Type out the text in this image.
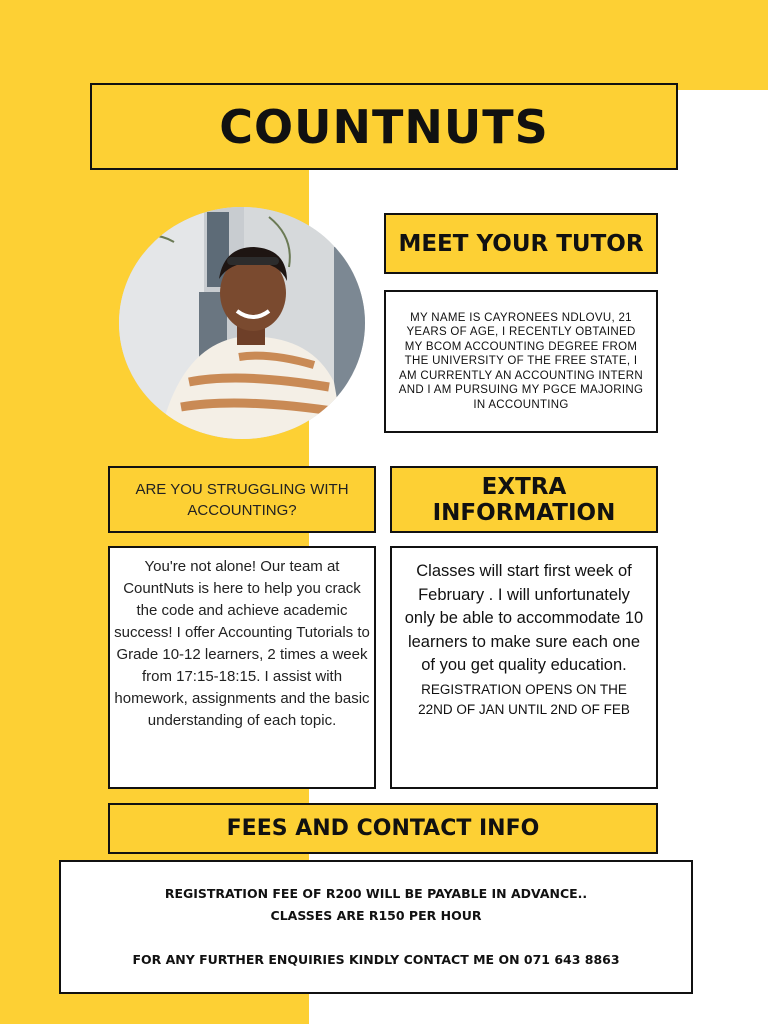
COUNTNUTS
MEET YOUR TUTOR
MY NAME IS CAYRONEES NDLOVU, 21 YEARS OF AGE, I RECENTLY OBTAINED MY BCOM ACCOUNTING DEGREE FROM THE UNIVERSITY OF THE FREE STATE, I AM CURRENTLY AN ACCOUNTING INTERN AND I AM PURSUING MY PGCE MAJORING IN ACCOUNTING
ARE YOU STRUGGLING WITH ACCOUNTING?
EXTRA INFORMATION
You're not alone! Our team at CountNuts is here to help you crack the code and achieve academic success! I offer Accounting Tutorials to Grade 10-12 learners, 2 times a week from 17:15-18:15. I assist with homework, assignments and the basic understanding of each topic.
Classes will start first week of February . I will unfortunately only be able to accommodate 10 learners to make sure each one of you get quality education.
REGISTRATION OPENS ON THE 22ND OF JAN UNTIL 2ND OF FEB
FEES AND CONTACT INFO
REGISTRATION FEE OF R200 WILL BE PAYABLE IN ADVANCE..
CLASSES ARE R150 PER HOUR
FOR ANY FURTHER ENQUIRIES KINDLY CONTACT ME ON 071 643 8863
